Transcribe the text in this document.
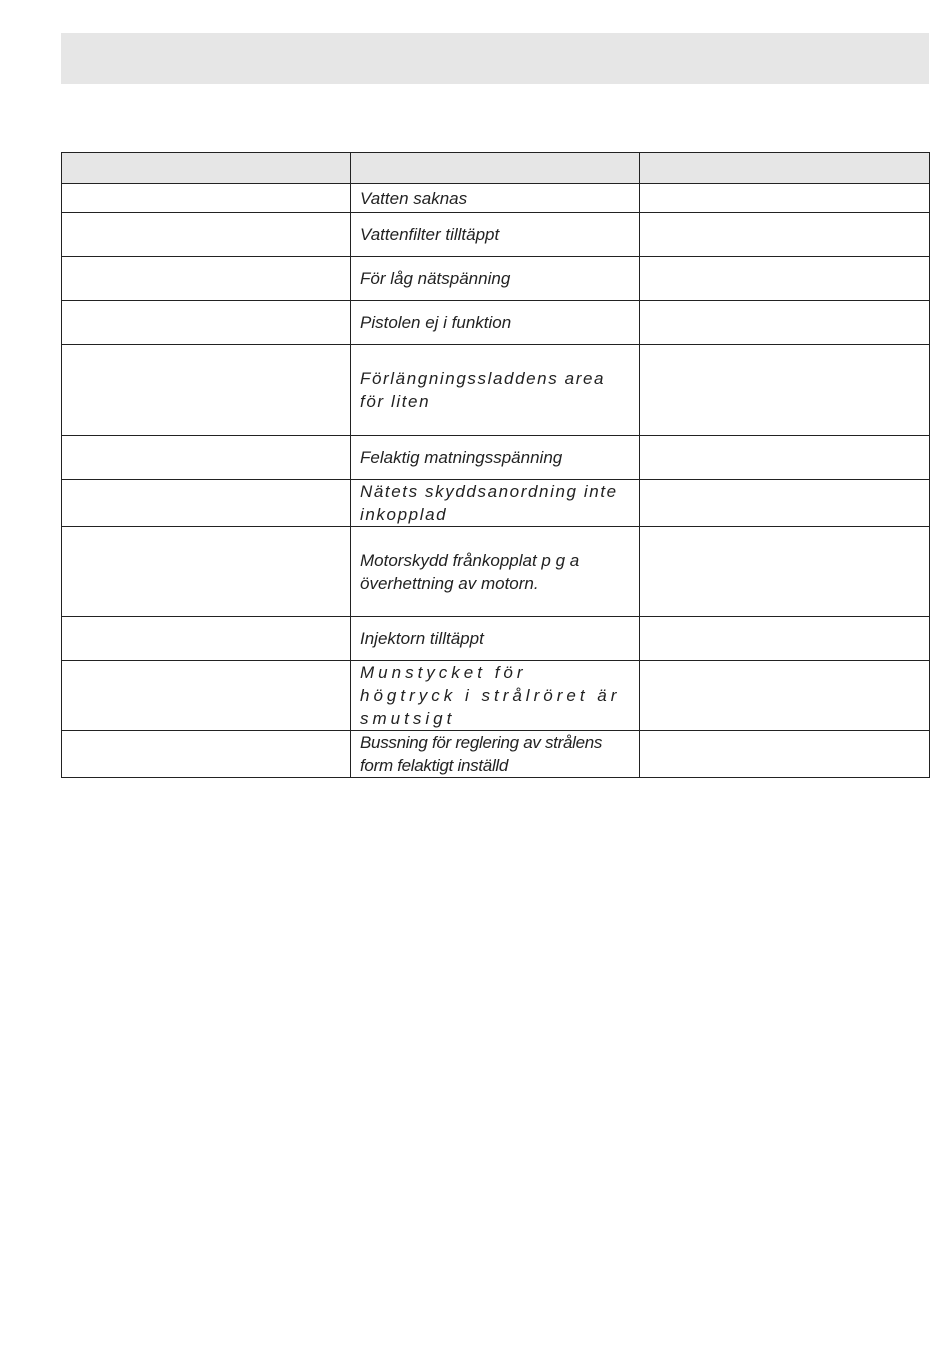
	Vatten saknas	
	Vattenfilter tilltäppt	
	För låg nätspänning	
	Pistolen ej i funktion	
	Förlängningssladdens area för liten	
	Felaktig matningsspänning	
	Nätets skyddsanordning inte inkopplad	
	Motorskydd frånkopplat p g a överhettning av motorn.	
	Injektorn tilltäppt	
	Munstycket för högtryck i strålröret är smutsigt	
	Bussning för reglering av strålens form felaktigt inställd	
